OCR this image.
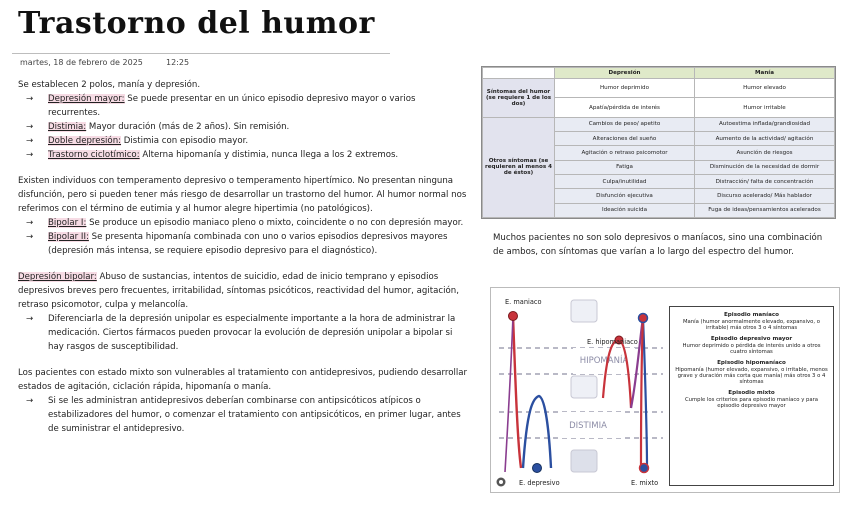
Trastorno del humor
martes, 18 de febrero de 2025	12:25

Se establecen 2 polos, manía y depresión.

→	Depresión mayor: Se puede presentar en un único episodio depresivo mayor o varios recurrentes.
→	Distimia: Mayor duración (más de 2 años). Sin remisión.
→	Doble depresión: Distimia con episodio mayor.
→	Trastorno ciclotímico: Alterna hipomanía y distimia, nunca llega a los 2 extremos.

Existen individuos con temperamento depresivo o temperamento hipertímico. No presentan ninguna disfunción, pero si pueden tener más riesgo de desarrollar un trastorno del humor. Al humor normal nos referimos con el término de eutimia y al humor alegre hipertimia (no patológicos).

→	Bipolar I: Se produce un episodio maniaco pleno o mixto, coincidente o no con depresión mayor.
→	Bipolar II: Se presenta hipomanía combinada con uno o varios episodios depresivos mayores (depresión más intensa, se requiere episodio depresivo para el diagnóstico).

Depresión bipolar: Abuso de sustancias, intentos de suicidio, edad de inicio temprano y episodios depresivos breves pero frecuentes, irritabilidad, síntomas psicóticos, reactividad del humor, agitación, retraso psicomotor, culpa y melancolía.

→	Diferenciarla de la depresión unipolar es especialmente importante a la hora de administrar la medicación. Ciertos fármacos pueden provocar la evolución de depresión unipolar a bipolar si hay rasgos de susceptibilidad.

Los pacientes con estado mixto son vulnerables al tratamiento con antidepresivos, pudiendo desarrollar estados de agitación, ciclación rápida, hipomanía o manía.

→	Si se les administran antidepresivos deberían combinarse con antipsicóticos atípicos o estabilizadores del humor, o comenzar el tratamiento con antipsicóticos, en primer lugar, antes de suministrar el antidepresivo.
	Depresión	Manía
Síntomas del humor (se requiere 1 de los dos)	Humor deprimido	Humor elevado
	Apatía/pérdida de interés	Humor irritable
Otros síntomas (se requieren al menos 4 de éstos)	Cambios de peso/ apetito	Autoestima inflada/grandiosidad
	Alteraciones del sueño	Aumento de la actividad/ agitación
	Agitación o retraso psicomotor	Asunción de riesgos
	Fatiga	Disminución de la necesidad de dormir
	Culpa/inutilidad	Distracción/ falta de concentración
	Disfunción ejecutiva	Discurso acelerado/ Más hablador
	Ideación suicida	Fuga de ideas/pensamientos acelerados
Muchos pacientes no son solo depresivos o maníacos, sino una combinación de ambos, con síntomas que varían a lo largo del espectro del humor.
HIPOMANÍA
DISTIMIA
E. maniaco
E. hipomaniaco
E. depresivo	E. mixto
Episodio maníaco
Manía (humor anormalmente elevado, expansivo, o irritable) más otros 3 o 4 síntomas
Episodio depresivo mayor
Humor deprimido o pérdida de interés unido a otros cuatro síntomas
Episodio hipomaníaco
Hipomanía (humor elevado, expansivo, o irritable, menos grave y duración más corta que manía) más otros 3 o 4 síntomas
Episodio mixto
Cumple los criterios para episodio maníaco y para episodio depresivo mayor
